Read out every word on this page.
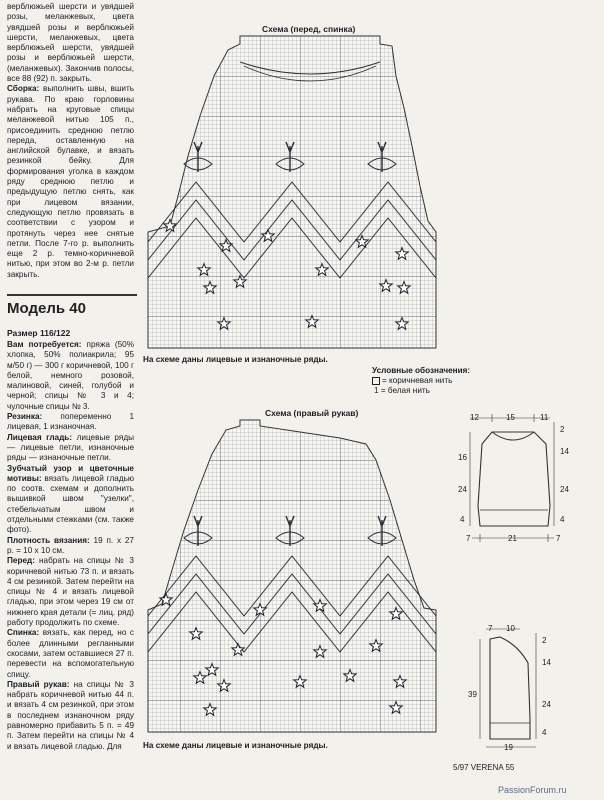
верблюжьей шерсти и увядшей розы, меланжевых, цвета увядшей розы и верблюжьей шерсти, меланжевых, цвета верблюжьей шерсти, увядшей розы и верблюжьей шерсти, (меланжевых). Закончив полосы, все 88 (92) п. закрыть.

Сборка: выполнить швы, вшить рукава. По краю горловины набрать на круговые спицы меланжевой нитью 105 п., присоединить среднюю петлю переда, оставленную на английской булавке, и вязать резинкой бейку. Для формирования уголка в каждом ряду среднюю петлю и предыдущую петлю снять, как при лицевом вязании, следующую петлю провязать в соответствии с узором и протянуть через нее снятые петли. После 7-го р. выполнить еще 2 р. темно-коричневой нитью, при этом во 2-м р. петли закрыть.

Модель 40
Размер 116/122

Вам потребуется: пряжа (50% хлопка, 50% полиакрила; 95 м/50 г) — 300 г коричневой, 100 г белой, немного розовой, малиновой, синей, голубой и черной; спицы № 3 и 4; чулочные спицы № 3.

Резинка: попеременно 1 лицевая, 1 изнаночная.

Лицевая гладь: лицевые ряды — лицевые петли, изнаночные ряды — изнаночные петли.

Зубчатый узор и цветочные мотивы: вязать лицевой гладью по соотв. схемам и дополнить вышивкой швом "узелки", стебельчатым швом и отдельными стежками (см. также фото).

Плотность вязания: 19 п. x 27 р. = 10 x 10 см.

Перед: набрать на спицы № 3 коричневой нитью 73 п. и вязать 4 см резинкой. Затем перейти на спицы № 4 и вязать лицевой гладью, при этом через 19 см от нижнего края детали (= лиц. ряд) работу продолжить по схеме.

Спинка: вязать, как перед, но с более длинными регланными скосами, затем оставшиеся 27 п. перевести на вспомогательную спицу.

Правый рукав: на спицы № 3 набрать коричневой нитью 44 п. и вязать 4 см резинкой, при этом в последнем изнаночном ряду равномерно прибавить 5 п. = 49 п. Затем перейти на спицы № 4 и вязать лицевой гладью. Для

Схема (перед, спинка)
На схеме даны лицевые и изнаночные ряды.
Условные обозначения:
= коричневая нить
1 = белая нить
Схема (правый рукав)
На схеме даны лицевые и изнаночные ряды.
12	15	11
2
14
24
4
16
24
4
7	21	7
7 10
2
14
24
4
39
19
5/97 VERENA 55
PassionForum.ru
